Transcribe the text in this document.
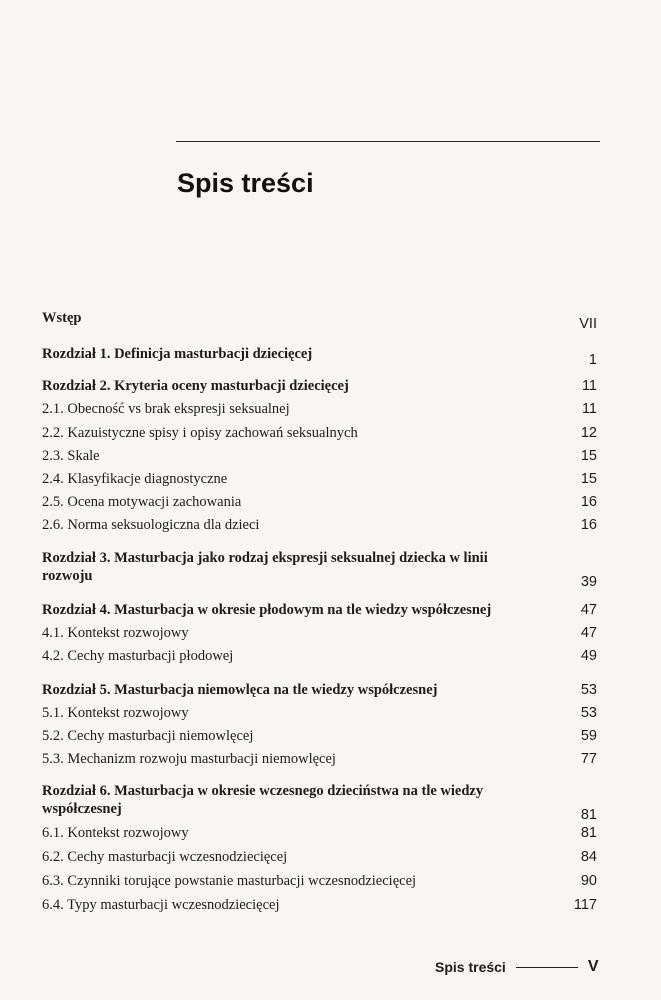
Spis treści
Wstęp	VII
Rozdział 1. Definicja masturbacji dziecięcej	1
Rozdział 2. Kryteria oceny masturbacji dziecięcej	11
2.1. Obecność vs brak ekspresji seksualnej	11
2.2. Kazuistyczne spisy i opisy zachowań seksualnych	12
2.3. Skale	15
2.4. Klasyfikacje diagnostyczne	15
2.5. Ocena motywacji zachowania	16
2.6. Norma seksuologiczna dla dzieci	16
Rozdział 3. Masturbacja jako rodzaj ekspresji seksualnej dziecka w linii rozwoju	39
Rozdział 4. Masturbacja w okresie płodowym na tle wiedzy współczesnej	47
4.1. Kontekst rozwojowy	47
4.2. Cechy masturbacji płodowej	49
Rozdział 5. Masturbacja niemowlęca na tle wiedzy współczesnej	53
5.1. Kontekst rozwojowy	53
5.2. Cechy masturbacji niemowlęcej	59
5.3. Mechanizm rozwoju masturbacji niemowlęcej	77
Rozdział 6. Masturbacja w okresie wczesnego dzieciństwa na tle wiedzy współczesnej	81
6.1. Kontekst rozwojowy	81
6.2. Cechy masturbacji wczesnodziecięcej	84
6.3. Czynniki torujące powstanie masturbacji wczesnodziecięcej	90
6.4. Typy masturbacji wczesnodziecięcej	117
Spis treści	V
